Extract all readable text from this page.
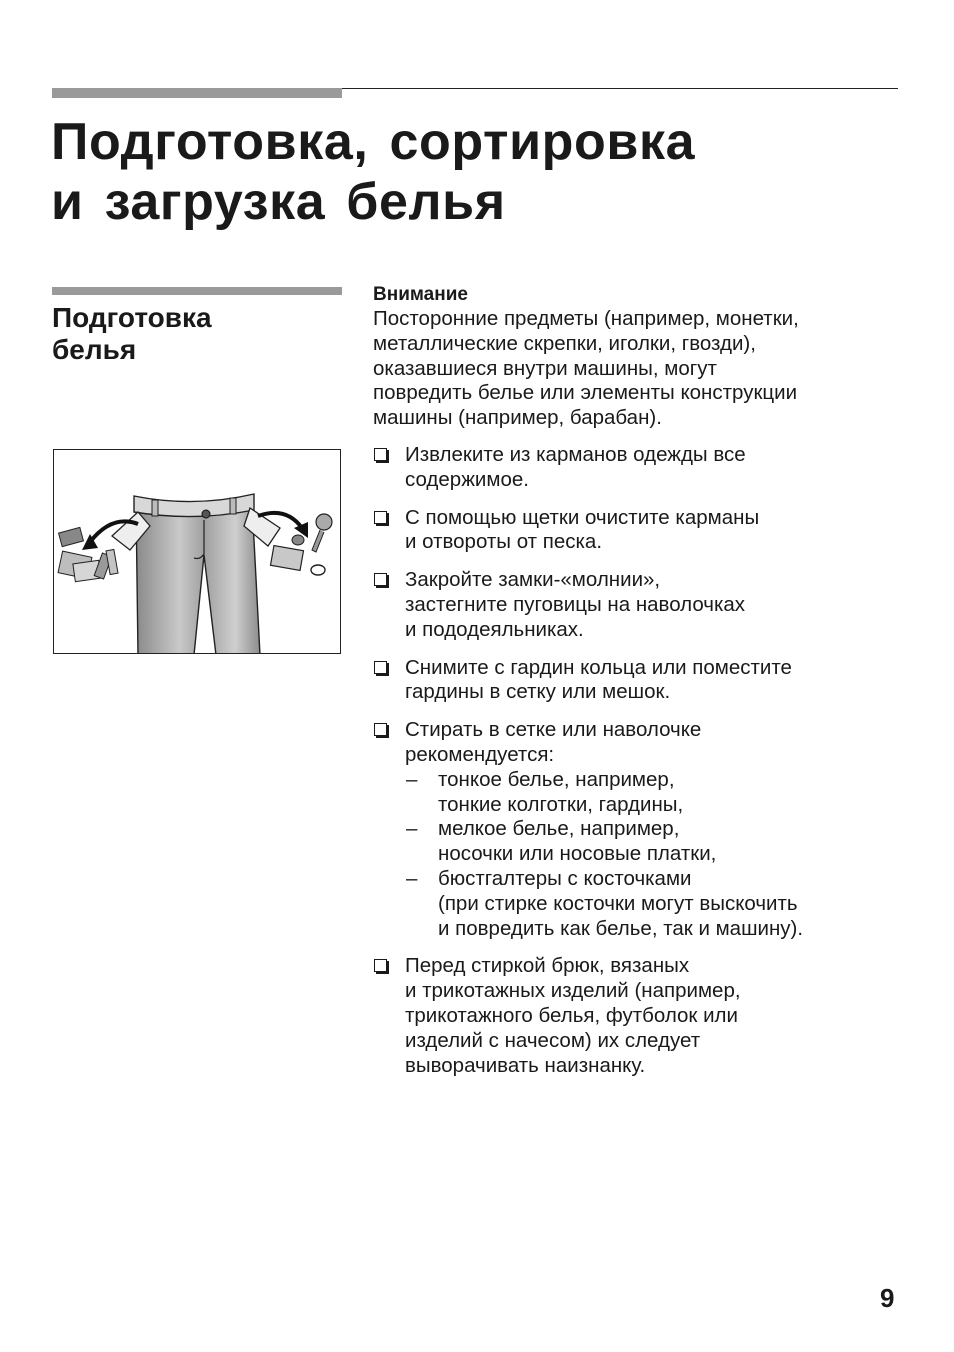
Подготовка, сортировка
и загрузка белья
Подготовка
белья
Внимание

Посторонние предметы (например, монетки,
металлические скрепки, иголки, гвозди),
оказавшиеся внутри машины, могут
повредить белье или элементы конструкции
машины (например, барабан).

Извлеките из карманов одежды все
содержимое.
С помощью щетки очистите карманы
и отвороты от песка.
Закройте замки-«молнии»,
застегните пуговицы на наволочках
и пододеяльниках.
Снимите с гардин кольца или поместите
гардины в сетку или мешок.
Стирать в сетке или наволочке
рекомендуется:
– тонкое белье, например,
тонкие колготки, гардины,
– мелкое белье, например,
носочки или носовые платки,
– бюстгалтеры с косточками
(при стирке косточки могут выскочить
и повредить как белье, так и машину).
Перед стиркой брюк, вязаных
и трикотажных изделий (например,
трикотажного белья, футболок или
изделий с начесом) их следует
выворачивать наизнанку.
9
